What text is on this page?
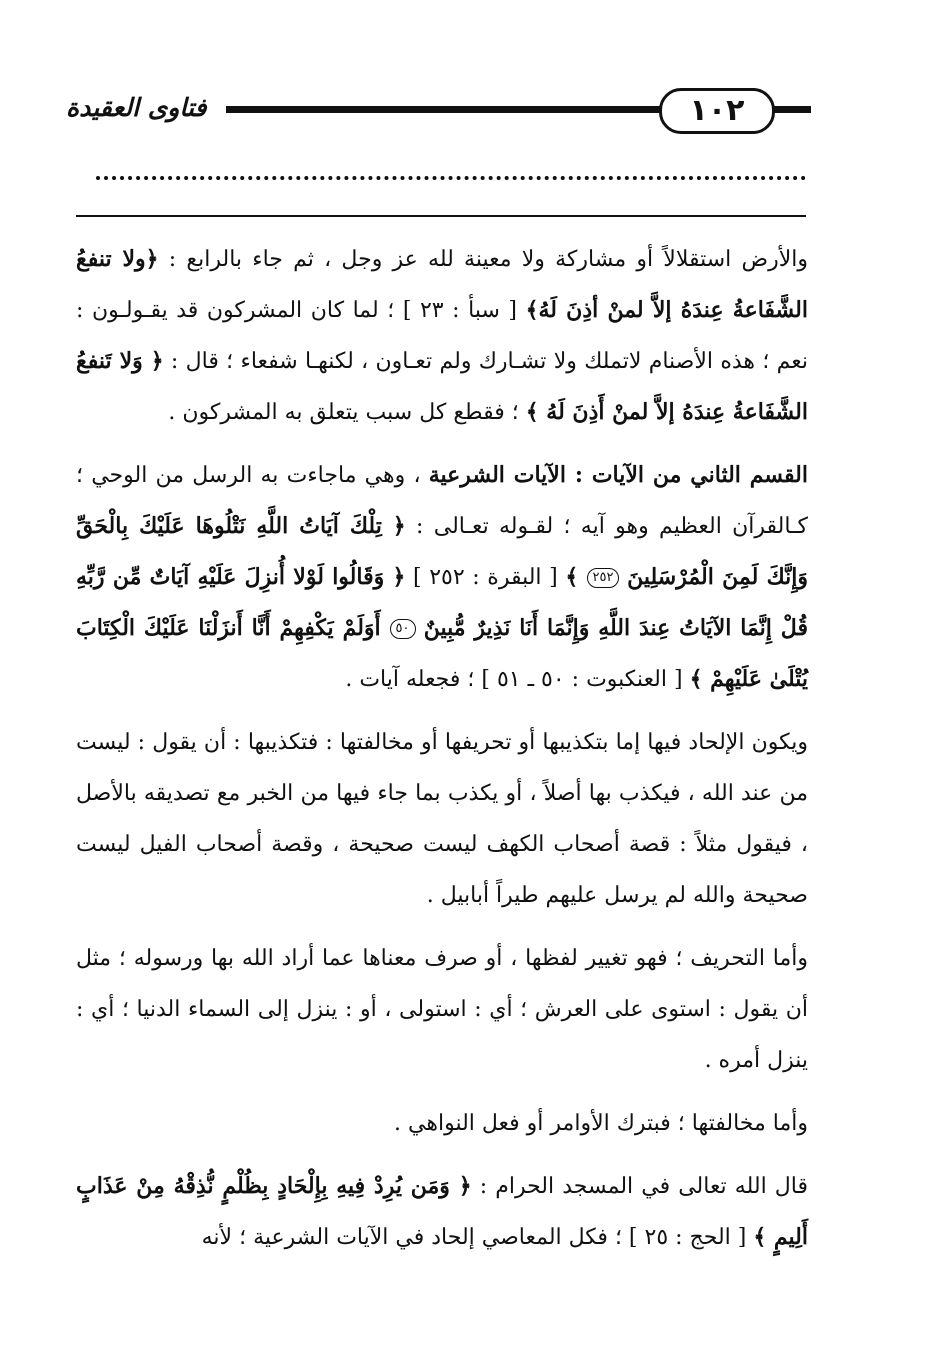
١٠٢
فتاوى العقيدة

والأرض استقلالاً أو مشاركة ولا معينة لله عز وجل ، ثم جاء بالرابع : ﴿ولا تنفعُ الشَّفَاعةُ عِندَهُ إلاَّ لمنْ أذِنَ لَهُ﴾ [ سبأ : ٢٣ ] ؛ لما كان المشركون قد يقـولـون : نعم ؛ هذه الأصنام لاتملك ولا تشـارك ولم تعـاون ، لكنهـا شفعاء ؛ قال : ﴿ وَلا تَنفعُ الشَّفَاعةُ عِندَهُ إلاَّ لمنْ أَذِنَ لَهُ ﴾ ؛ فقطع كل سبب يتعلق به المشركون .

القسم الثاني من الآيات : الآيات الشرعية ، وهي ماجاءت به الرسل من الوحي ؛ كـالقرآن العظيم وهو آيه ؛ لقـوله تعـالى : ﴿ تِلْكَ آيَاتُ اللَّهِ نَتْلُوهَا عَلَيْكَ بِالْحَقِّ وَإِنَّكَ لَمِنَ الْمُرْسَلِينَ ٢٥٢ ﴾ [ البقرة : ٢٥٢ ] ﴿ وَقَالُوا لَوْلا أُنزِلَ عَلَيْهِ آيَاتٌ مِّن رَّبِّهِ قُلْ إِنَّمَا الآيَاتُ عِندَ اللَّهِ وَإِنَّمَا أَنَا نَذِيرٌ مُّبِينٌ ٥٠ أَوَلَمْ يَكْفِهِمْ أَنَّا أَنزَلْنَا عَلَيْكَ الْكِتَابَ يُتْلَىٰ عَلَيْهِمْ ﴾ [ العنكبوت : ٥٠ ـ ٥١ ] ؛ فجعله آيات .

ويكون الإلحاد فيها إما بتكذيبها أو تحريفها أو مخالفتها : فتكذيبها : أن يقول : ليست من عند الله ، فيكذب بها أصلاً ، أو يكذب بما جاء فيها من الخبر مع تصديقه بالأصل ، فيقول مثلاً : قصة أصحاب الكهف ليست صحيحة ، وقصة أصحاب الفيل ليست صحيحة والله لم يرسل عليهم طيراً أبابيل .

وأما التحريف ؛ فهو تغيير لفظها ، أو صرف معناها عما أراد الله بها ورسوله ؛ مثل أن يقول : استوى على العرش ؛ أي : استولى ، أو : ينزل إلى السماء الدنيا ؛ أي : ينزل أمره .

وأما مخالفتها ؛ فبترك الأوامر أو فعل النواهي .

قال الله تعالى في المسجد الحرام : ﴿ وَمَن يُرِدْ فِيهِ بِإِلْحَادٍ بِظُلْمٍ نُّذِقْهُ مِنْ عَذَابٍ أَلِيمٍ ﴾ [ الحج : ٢٥ ] ؛ فكل المعاصي إلحاد في الآيات الشرعية ؛ لأنه
